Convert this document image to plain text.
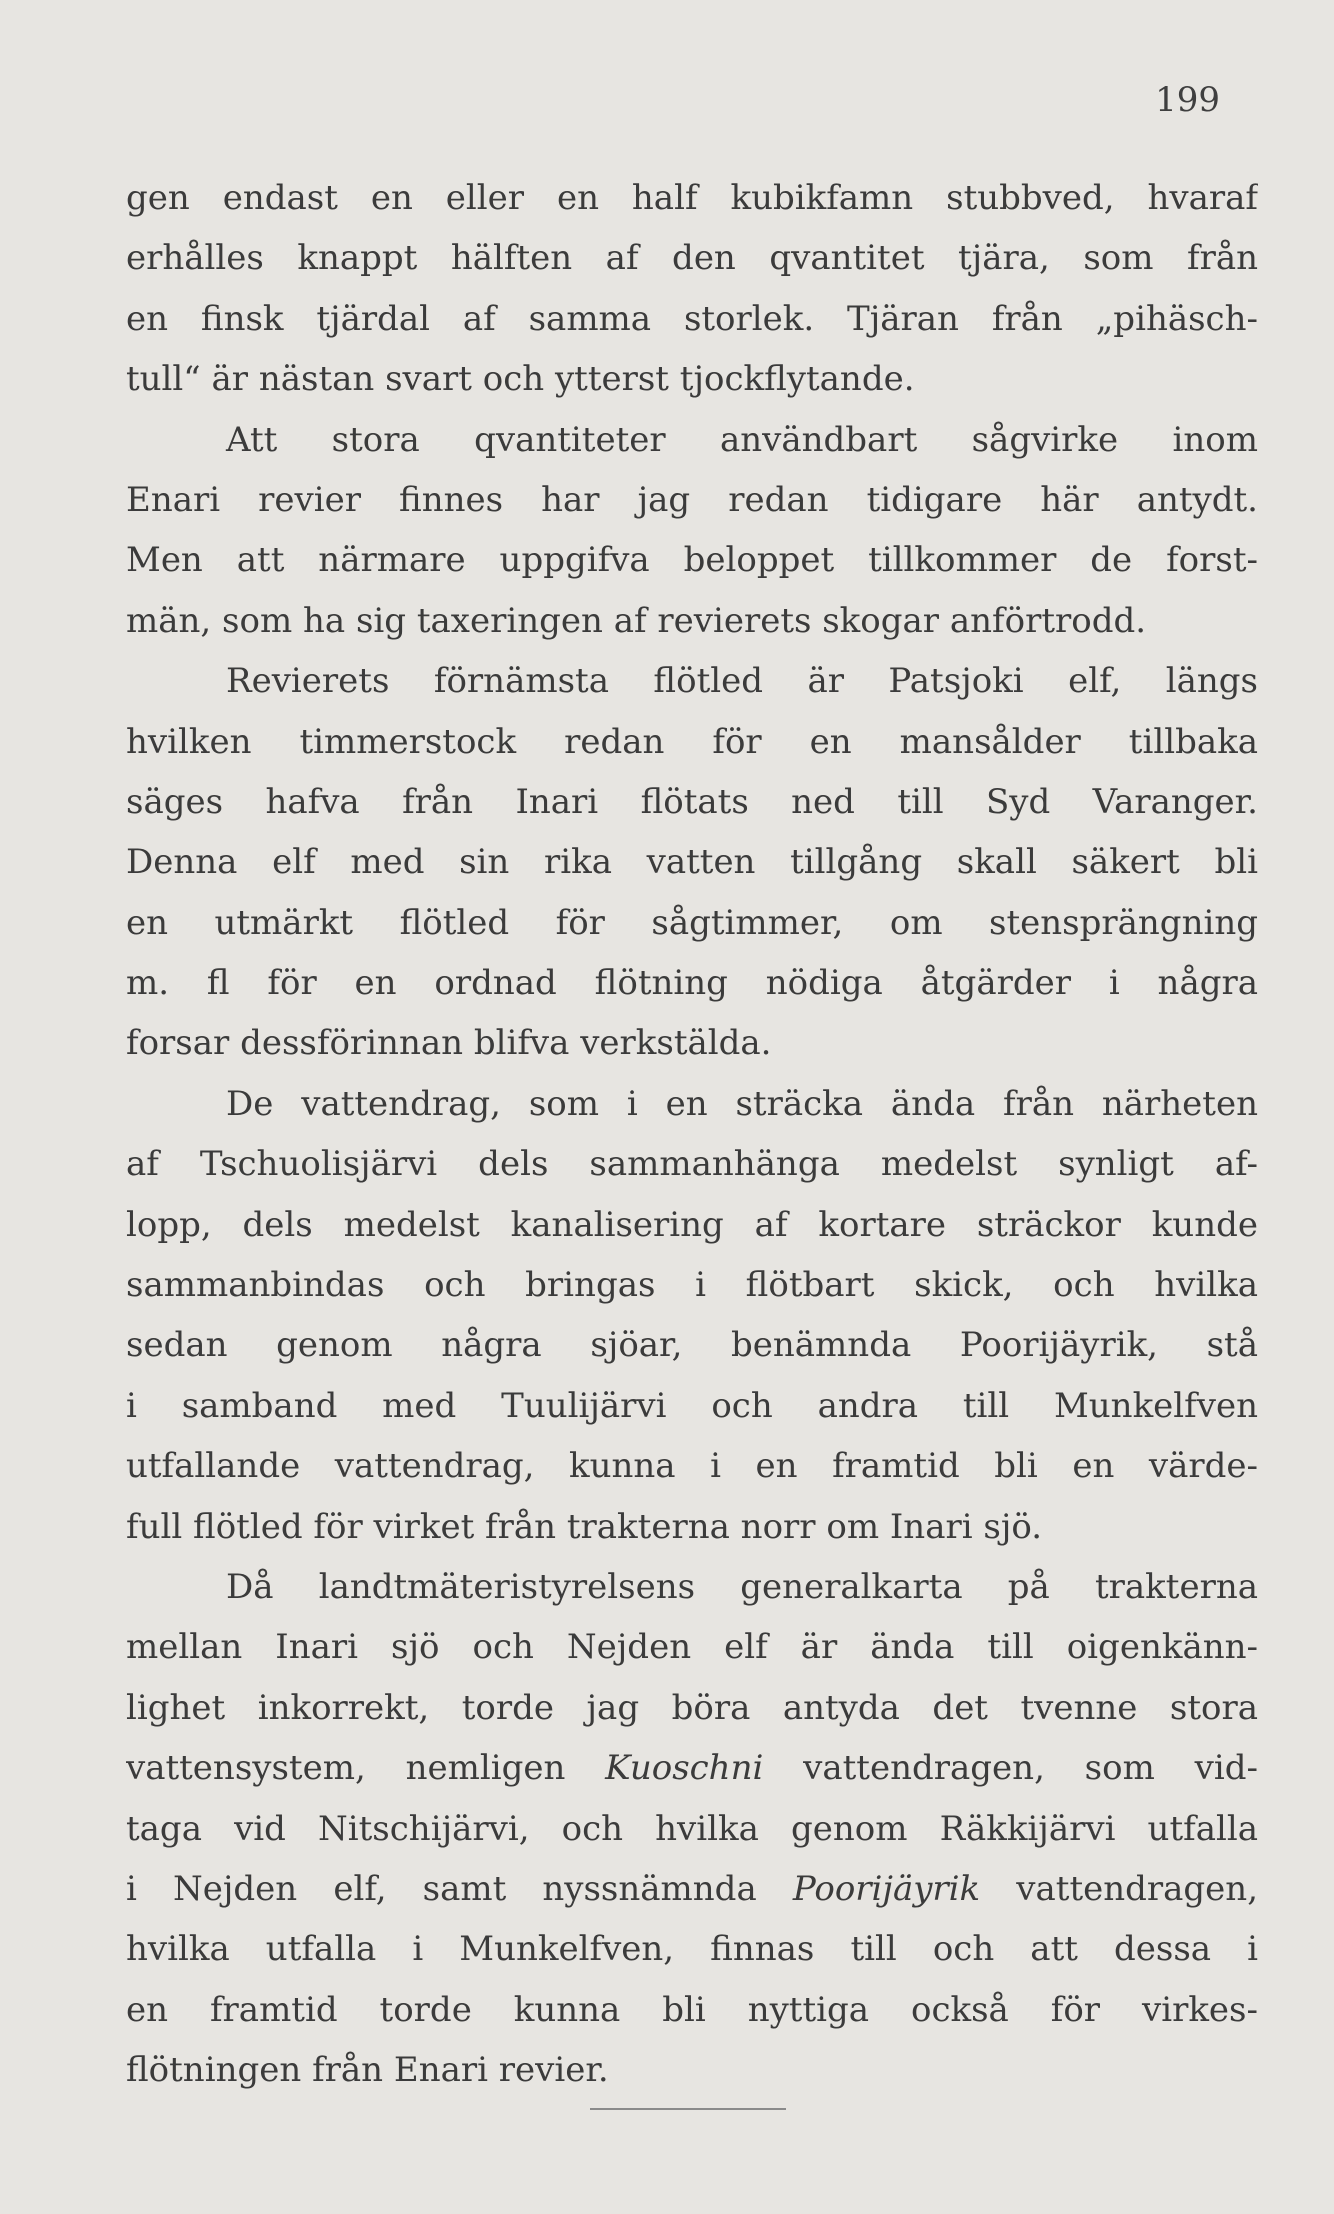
199
gen endast en eller en half kubikfamn stubbved, hvaraf
erhålles knappt hälften af den qvantitet tjära, som från
en finsk tjärdal af samma storlek. Tjäran från „pihäsch-
tull“ är nästan svart och ytterst tjockflytande.
Att stora qvantiteter användbart sågvirke inom
Enari revier finnes har jag redan tidigare här antydt.
Men att närmare uppgifva beloppet tillkommer de forst-
män, som ha sig taxeringen af revierets skogar anförtrodd.
Revierets förnämsta flötled är Patsjoki elf, längs
hvilken timmerstock redan för en mansålder tillbaka
säges hafva från Inari flötats ned till Syd Varanger.
Denna elf med sin rika vatten tillgång skall säkert bli
en utmärkt flötled för sågtimmer, om stensprängning
m. fl för en ordnad flötning nödiga åtgärder i några
forsar dessförinnan blifva verkstälda.
De vattendrag, som i en sträcka ända från närheten
af Tschuolisjärvi dels sammanhänga medelst synligt af-
lopp, dels medelst kanalisering af kortare sträckor kunde
sammanbindas och bringas i flötbart skick, och hvilka
sedan genom några sjöar, benämnda Poorijäyrik, stå
i samband med Tuulijärvi och andra till Munkelfven
utfallande vattendrag, kunna i en framtid bli en värde-
full flötled för virket från trakterna norr om Inari sjö.
Då landtmäteristyrelsens generalkarta på trakterna
mellan Inari sjö och Nejden elf är ända till oigenkänn-
lighet inkorrekt, torde jag böra antyda det tvenne stora
vattensystem, nemligen Kuoschni vattendragen, som vid-
taga vid Nitschijärvi, och hvilka genom Räkkijärvi utfalla
i Nejden elf, samt nyssnämnda Poorijäyrik vattendragen,
hvilka utfalla i Munkelfven, finnas till och att dessa i
en framtid torde kunna bli nyttiga också för virkes-
flötningen från Enari revier.
